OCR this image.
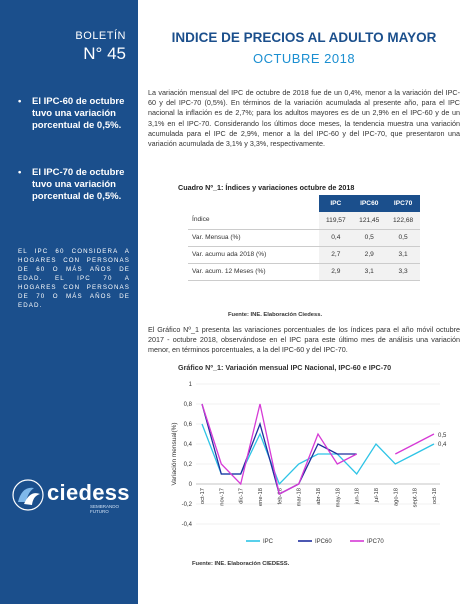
BOLETÍN
N° 45
•	El IPC-60 de octubre tuvo una variación porcentual de 0,5%.
•	El IPC-70 de octubre tuvo una variación porcentual de 0,5%.
EL IPC 60 CONSIDERA A HOGARES CON PERSONAS DE 60 O MÁS AÑOS DE EDAD. EL IPC 70 A HOGARES CON PERSONAS DE 70 O MÁS AÑOS DE EDAD.
ciedess
SEMBRANDO FUTURO
INDICE DE PRECIOS AL ADULTO MAYOR
OCTUBRE 2018
La variación mensual del IPC de octubre de 2018 fue de un 0,4%, menor a la variación del IPC-60 y del IPC-70 (0,5%). En términos de la variación acumulada al presente año, para el IPC nacional la inflación es de 2,7%; para los adultos mayores es de un 2,9% en el IPC-60 y de un 3,1% en el IPC-70. Considerando los últimos doce meses, la tendencia muestra una variación acumulada para el IPC de 2,9%, menor a la del IPC-60 y del IPC-70, que presentaron una variación acumulada de 3,1% y 3,3%, respectivamente.
Cuadro Nº_1: Índices y variaciones octubre de 2018
	IPC	IPC60	IPC70
Índice	119,57	121,45	122,68
Var. Mensua (%)	0,4	0,5	0,5
Var. acumu ada 2018 (%)	2,7	2,9	3,1
Var. acum. 12 Meses (%)	2,9	3,1	3,3
Fuente: INE. Elaboración Ciedess.
El Gráfico Nº_1 presenta las variaciones porcentuales de los índices para el año móvil octubre 2017 - octubre 2018, observándose en el IPC para este último mes de análisis una variación menor, en términos porcentuales, a la del IPC-60 y del IPC-70.
Gráfico Nº_1: Variación mensual IPC Nacional, IPC-60 e IPC-70
1
0,8
0,6
0,4
0,2
0
-0,2
-0,4
Variación mensual(%)
oct-17 nov-17 dic-17 ene-18 feb-18 mar-18 abr-18 may-18 jun-18 jul-18 ago-18 sept-18 oct-18
0,5
0,4
IPC	IPC60	IPC70
Fuente: INE. Elaboración CIEDESS.
